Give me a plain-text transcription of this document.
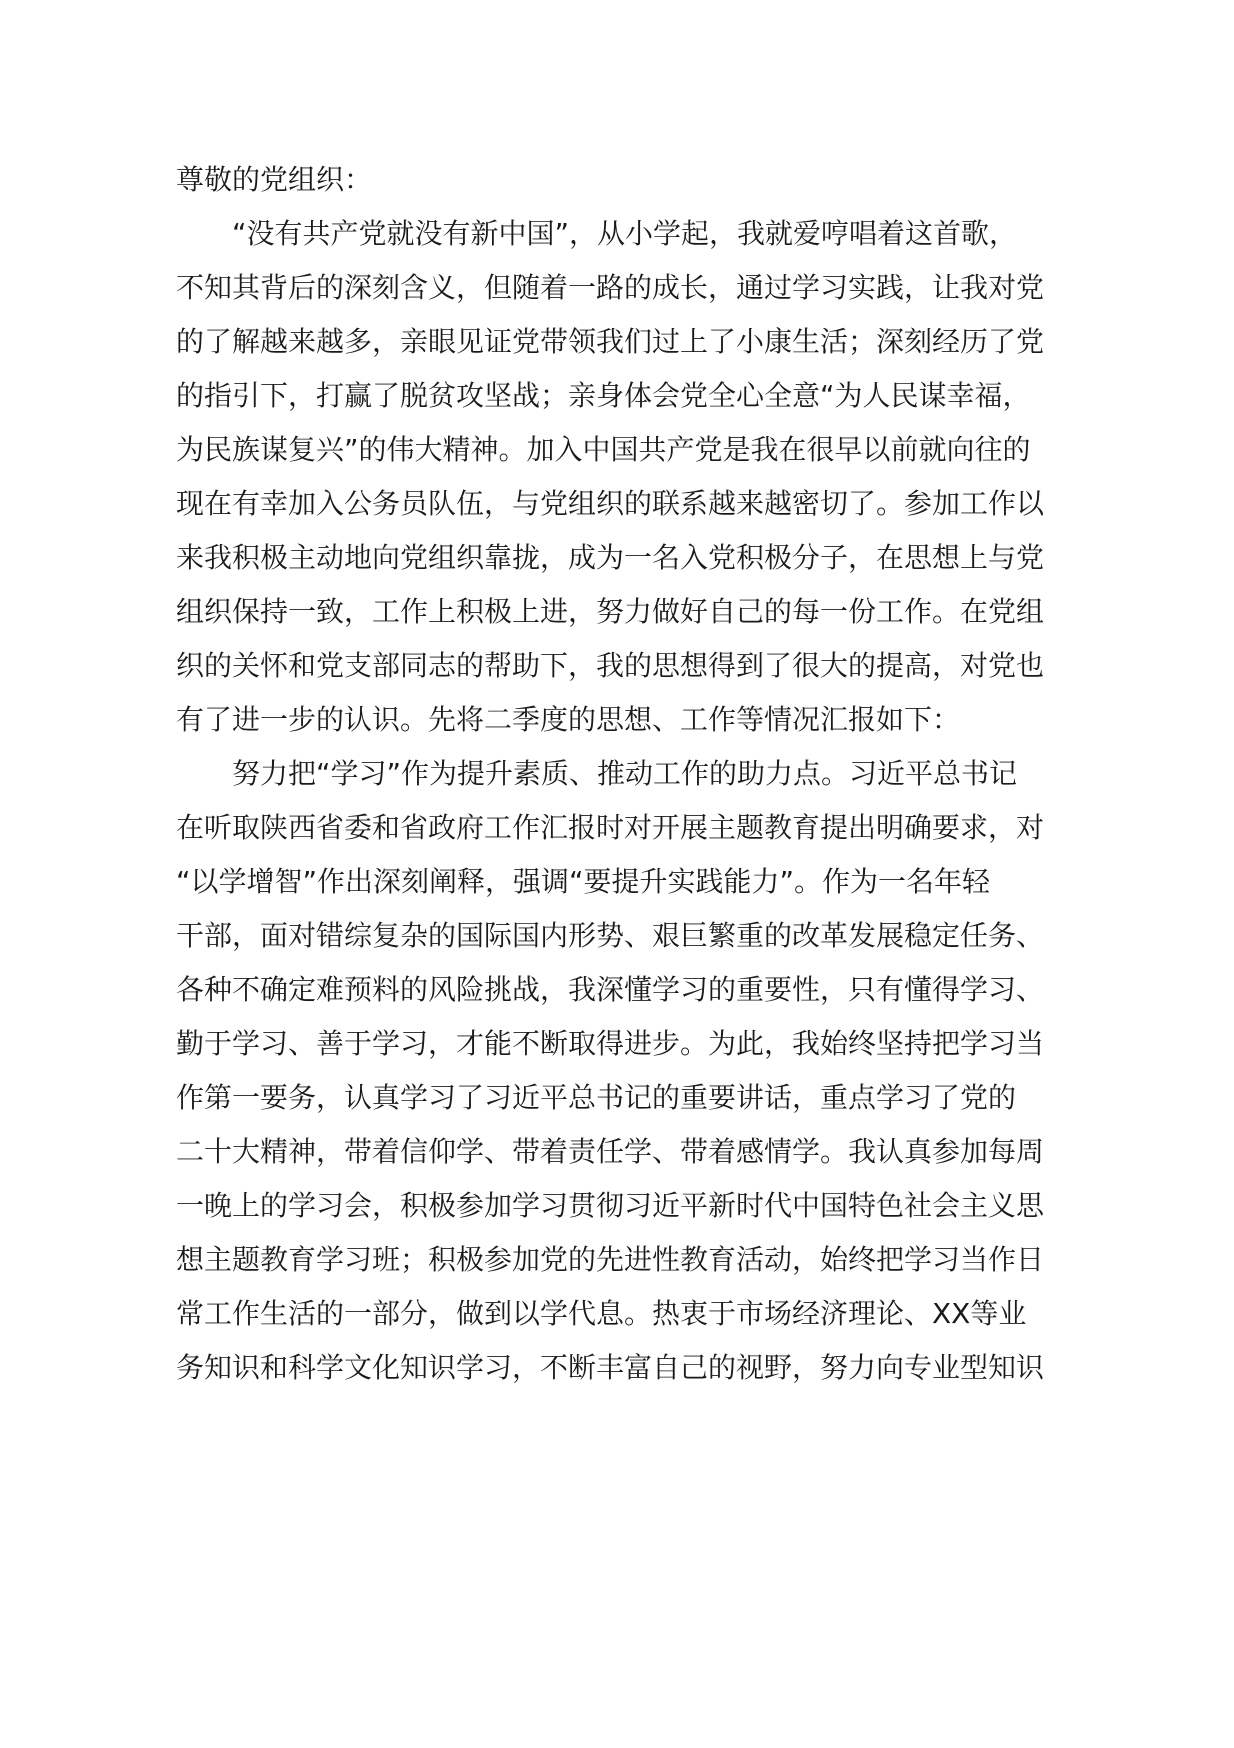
尊敬的党组织：
　　“没有共产党就没有新中国”，从小学起，我就爱哼唱着这首歌，
不知其背后的深刻含义，但随着一路的成长，通过学习实践，让我对党
的了解越来越多，亲眼见证党带领我们过上了小康生活；深刻经历了党
的指引下，打赢了脱贫攻坚战；亲身体会党全心全意“为人民谋幸福，
为民族谋复兴”的伟大精神。加入中国共产党是我在很早以前就向往的
现在有幸加入公务员队伍，与党组织的联系越来越密切了。参加工作以
来我积极主动地向党组织靠拢，成为一名入党积极分子，在思想上与党
组织保持一致，工作上积极上进，努力做好自己的每一份工作。在党组
织的关怀和党支部同志的帮助下，我的思想得到了很大的提高，对党也
有了进一步的认识。先将二季度的思想、工作等情况汇报如下：
　　努力把“学习”作为提升素质、推动工作的助力点。习近平总书记
在听取陕西省委和省政府工作汇报时对开展主题教育提出明确要求，对
“以学增智”作出深刻阐释，强调“要提升实践能力”。作为一名年轻
干部，面对错综复杂的国际国内形势、艰巨繁重的改革发展稳定任务、
各种不确定难预料的风险挑战，我深懂学习的重要性，只有懂得学习、
勤于学习、善于学习，才能不断取得进步。为此，我始终坚持把学习当
作第一要务，认真学习了习近平总书记的重要讲话，重点学习了党的
二十大精神，带着信仰学、带着责任学、带着感情学。我认真参加每周
一晚上的学习会，积极参加学习贯彻习近平新时代中国特色社会主义思
想主题教育学习班；积极参加党的先进性教育活动，始终把学习当作日
常工作生活的一部分，做到以学代息。热衷于市场经济理论、XX等业
务知识和科学文化知识学习，不断丰富自己的视野，努力向专业型知识
